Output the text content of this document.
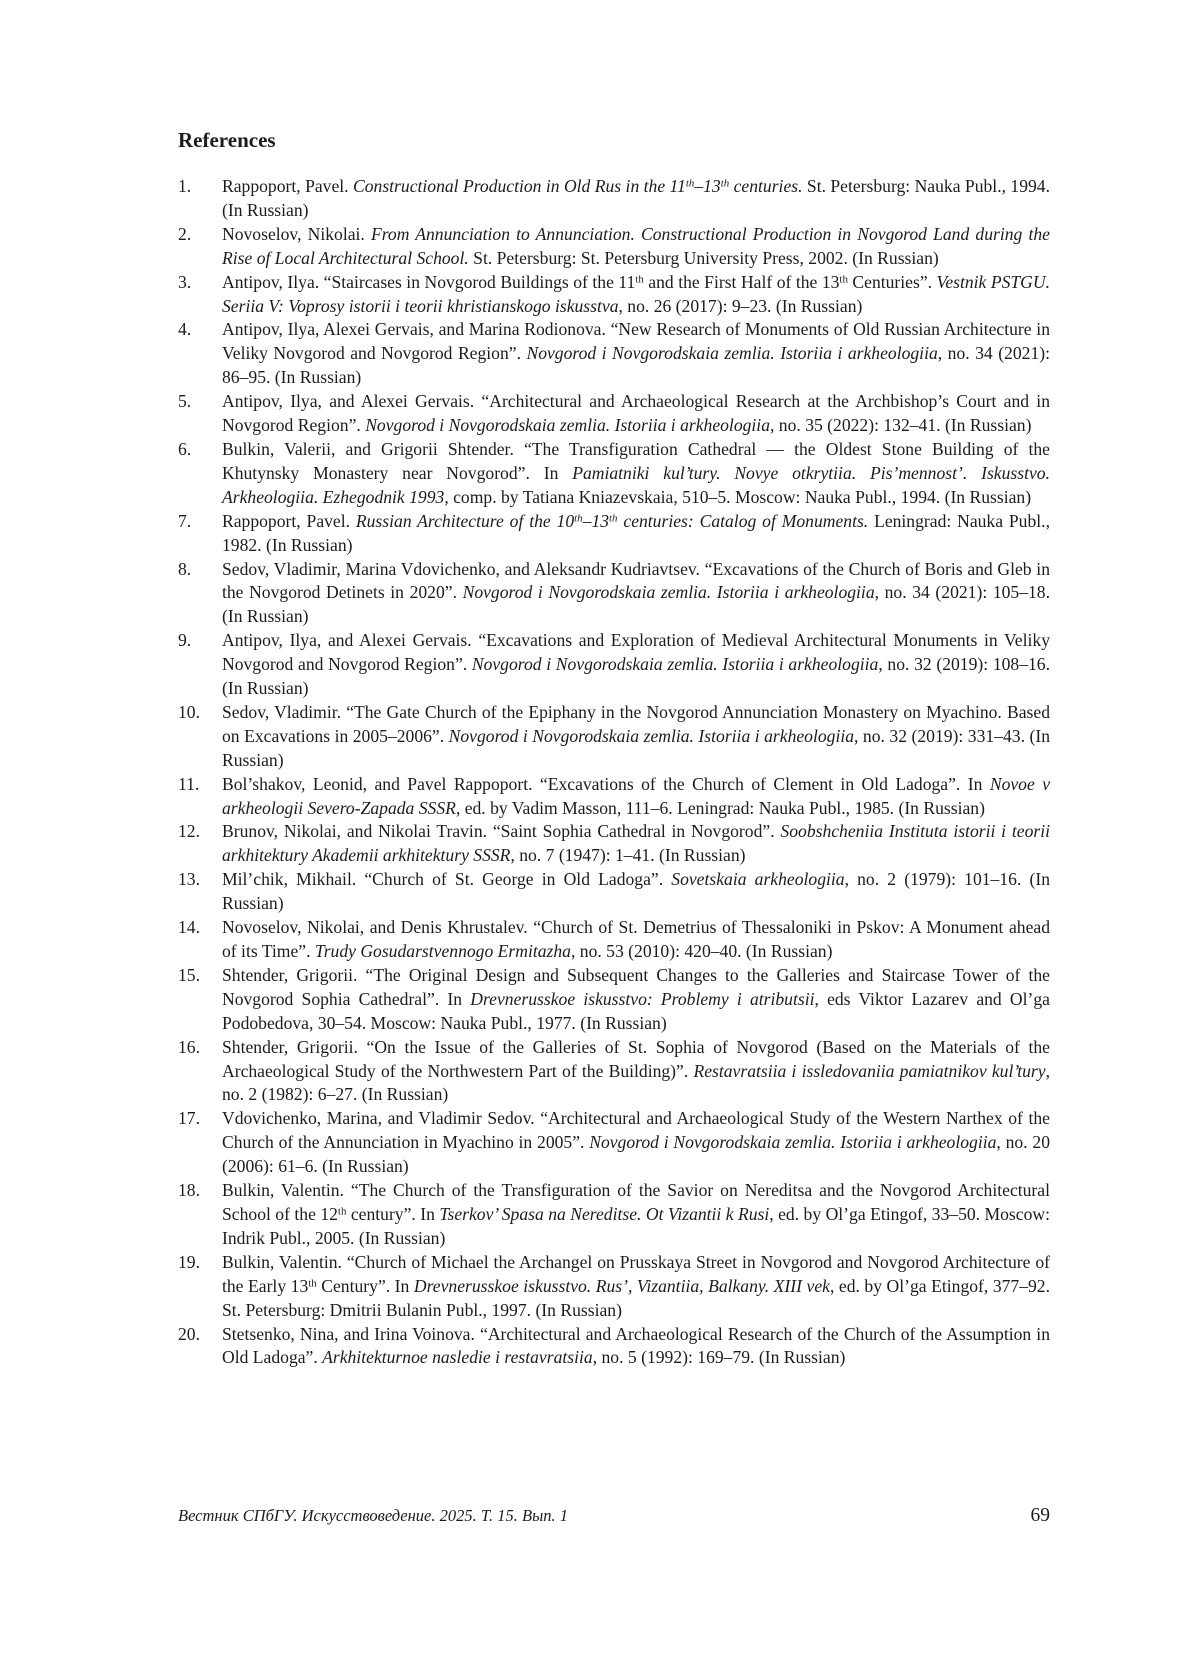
References
1.	Rappoport, Pavel. Constructional Production in Old Rus in the 11th–13th centuries. St. Petersburg: Nauka Publ., 1994. (In Russian)
2.	Novoselov, Nikolai. From Annunciation to Annunciation. Constructional Production in Novgorod Land during the Rise of Local Architectural School. St. Petersburg: St. Petersburg University Press, 2002. (In Russian)
3.	Antipov, Ilya. “Staircases in Novgorod Buildings of the 11th and the First Half of the 13th Centuries”. Vestnik PSTGU. Seriia V: Voprosy istorii i teorii khristianskogo iskusstva, no. 26 (2017): 9–23. (In Russian)
4.	Antipov, Ilya, Alexei Gervais, and Marina Rodionova. “New Research of Monuments of Old Russian Architecture in Veliky Novgorod and Novgorod Region”. Novgorod i Novgorodskaia zemlia. Istoriia i arkheologiia, no. 34 (2021): 86–95. (In Russian)
5.	Antipov, Ilya, and Alexei Gervais. “Architectural and Archaeological Research at the Archbishop’s Court and in Novgorod Region”. Novgorod i Novgorodskaia zemlia. Istoriia i arkheologiia, no. 35 (2022): 132–41. (In Russian)
6.	Bulkin, Valerii, and Grigorii Shtender. “The Transfiguration Cathedral — the Oldest Stone Building of the Khutynsky Monastery near Novgorod”. In Pamiatniki kul’tury. Novye otkrytiia. Pis’mennost’. Iskusstvo. Arkheologiia. Ezhegodnik 1993, comp. by Tatiana Kniazevskaia, 510–5. Moscow: Nauka Publ., 1994. (In Russian)
7.	Rappoport, Pavel. Russian Architecture of the 10th–13th centuries: Catalog of Monuments. Leningrad: Nauka Publ., 1982. (In Russian)
8.	Sedov, Vladimir, Marina Vdovichenko, and Aleksandr Kudriavtsev. “Excavations of the Church of Boris and Gleb in the Novgorod Detinets in 2020”. Novgorod i Novgorodskaia zemlia. Istoriia i arkheologiia, no. 34 (2021): 105–18. (In Russian)
9.	Antipov, Ilya, and Alexei Gervais. “Excavations and Exploration of Medieval Architectural Monuments in Veliky Novgorod and Novgorod Region”. Novgorod i Novgorodskaia zemlia. Istoriia i arkheologiia, no. 32 (2019): 108–16. (In Russian)
10.	Sedov, Vladimir. “The Gate Church of the Epiphany in the Novgorod Annunciation Monastery on Myachino. Based on Excavations in 2005–2006”. Novgorod i Novgorodskaia zemlia. Istoriia i arkheologiia, no. 32 (2019): 331–43. (In Russian)
11.	Bol’shakov, Leonid, and Pavel Rappoport. “Excavations of the Church of Clement in Old Ladoga”. In Novoe v arkheologii Severo-Zapada SSSR, ed. by Vadim Masson, 111–6. Leningrad: Nauka Publ., 1985. (In Russian)
12.	Brunov, Nikolai, and Nikolai Travin. “Saint Sophia Cathedral in Novgorod”. Soobshcheniia Instituta istorii i teorii arkhitektury Akademii arkhitektury SSSR, no. 7 (1947): 1–41. (In Russian)
13.	Mil’chik, Mikhail. “Church of St. George in Old Ladoga”. Sovetskaia arkheologiia, no. 2 (1979): 101–16. (In Russian)
14.	Novoselov, Nikolai, and Denis Khrustalev. “Church of St. Demetrius of Thessaloniki in Pskov: A Monument ahead of its Time”. Trudy Gosudarstvennogo Ermitazha, no. 53 (2010): 420–40. (In Russian)
15.	Shtender, Grigorii. “The Original Design and Subsequent Changes to the Galleries and Staircase Tower of the Novgorod Sophia Cathedral”. In Drevnerusskoe iskusstvo: Problemy i atributsii, eds Viktor Lazarev and Ol’ga Podobedova, 30–54. Moscow: Nauka Publ., 1977. (In Russian)
16.	Shtender, Grigorii. “On the Issue of the Galleries of St. Sophia of Novgorod (Based on the Materials of the Archaeological Study of the Northwestern Part of the Building)”. Restavratsiia i issledovaniia pamiatnikov kul’tury, no. 2 (1982): 6–27. (In Russian)
17.	Vdovichenko, Marina, and Vladimir Sedov. “Architectural and Archaeological Study of the Western Narthex of the Church of the Annunciation in Myachino in 2005”. Novgorod i Novgorodskaia zemlia. Istoriia i arkheologiia, no. 20 (2006): 61–6. (In Russian)
18.	Bulkin, Valentin. “The Church of the Transfiguration of the Savior on Nereditsa and the Novgorod Architectural School of the 12th century”. In Tserkov’ Spasa na Nereditse. Ot Vizantii k Rusi, ed. by Ol’ga Etingof, 33–50. Moscow: Indrik Publ., 2005. (In Russian)
19.	Bulkin, Valentin. “Church of Michael the Archangel on Prusskaya Street in Novgorod and Novgorod Architecture of the Early 13th Century”. In Drevnerusskoe iskusstvo. Rus’, Vizantiia, Balkany. XIII vek, ed. by Ol’ga Etingof, 377–92. St. Petersburg: Dmitrii Bulanin Publ., 1997. (In Russian)
20.	Stetsenko, Nina, and Irina Voinova. “Architectural and Archaeological Research of the Church of the Assumption in Old Ladoga”. Arkhitekturnoe nasledie i restavratsiia, no. 5 (1992): 169–79. (In Russian)
Вестник СПбГУ. Искусствоведение. 2025. Т. 15. Вып. 1	69
